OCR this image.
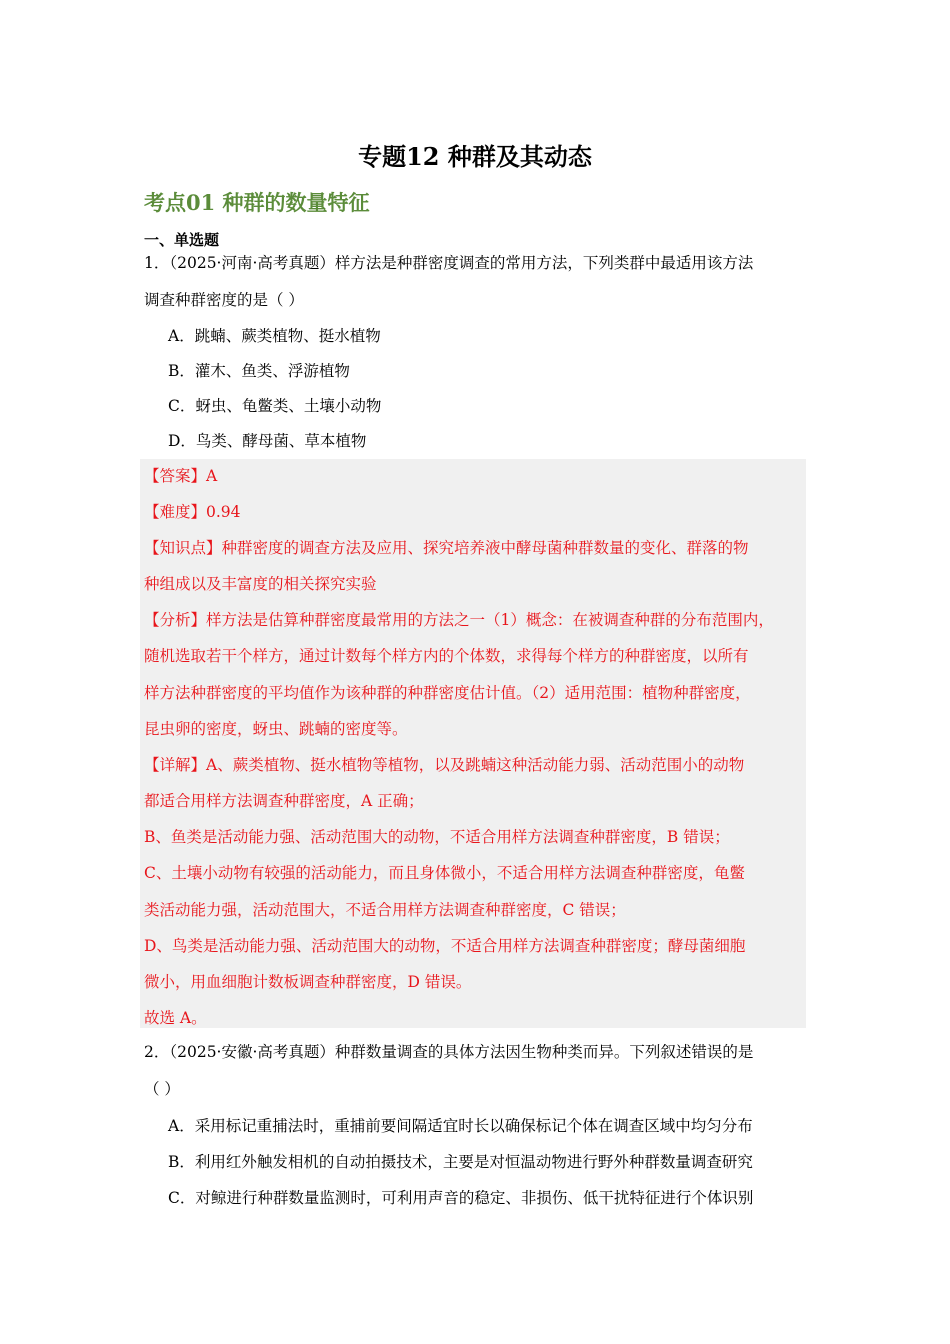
专题12 种群及其动态
考点01 种群的数量特征
一、单选题
1．（2025·河南·高考真题）样方法是种群密度调查的常用方法，下列类群中最适用该方法
调查种群密度的是（ ）
A．跳蝻、蕨类植物、挺水植物
B．灌木、鱼类、浮游植物
C．蚜虫、龟鳖类、土壤小动物
D．鸟类、酵母菌、草本植物
【答案】A
【难度】0.94
【知识点】种群密度的调查方法及应用、探究培养液中酵母菌种群数量的变化、群落的物
种组成以及丰富度的相关探究实验
【分析】样方法是估算种群密度最常用的方法之一（1）概念：在被调查种群的分布范围内，
随机选取若干个样方，通过计数每个样方内的个体数，求得每个样方的种群密度，以所有
样方法种群密度的平均值作为该种群的种群密度估计值。（2）适用范围：植物种群密度，
昆虫卵的密度，蚜虫、跳蝻的密度等。
【详解】A、蕨类植物、挺水植物等植物，以及跳蝻这种活动能力弱、活动范围小的动物
都适合用样方法调查种群密度，A 正确；
B、鱼类是活动能力强、活动范围大的动物，不适合用样方法调查种群密度，B 错误；
C、土壤小动物有较强的活动能力，而且身体微小，不适合用样方法调查种群密度，龟鳖
类活动能力强，活动范围大，不适合用样方法调查种群密度，C 错误；
D、鸟类是活动能力强、活动范围大的动物，不适合用样方法调查种群密度；酵母菌细胞
微小，用血细胞计数板调查种群密度，D 错误。
故选 A。
2．（2025·安徽·高考真题）种群数量调查的具体方法因生物种类而异。下列叙述错误的是
（ ）
A．采用标记重捕法时，重捕前要间隔适宜时长以确保标记个体在调查区域中均匀分布
B．利用红外触发相机的自动拍摄技术，主要是对恒温动物进行野外种群数量调查研究
C．对鲸进行种群数量监测时，可利用声音的稳定、非损伤、低干扰特征进行个体识别
